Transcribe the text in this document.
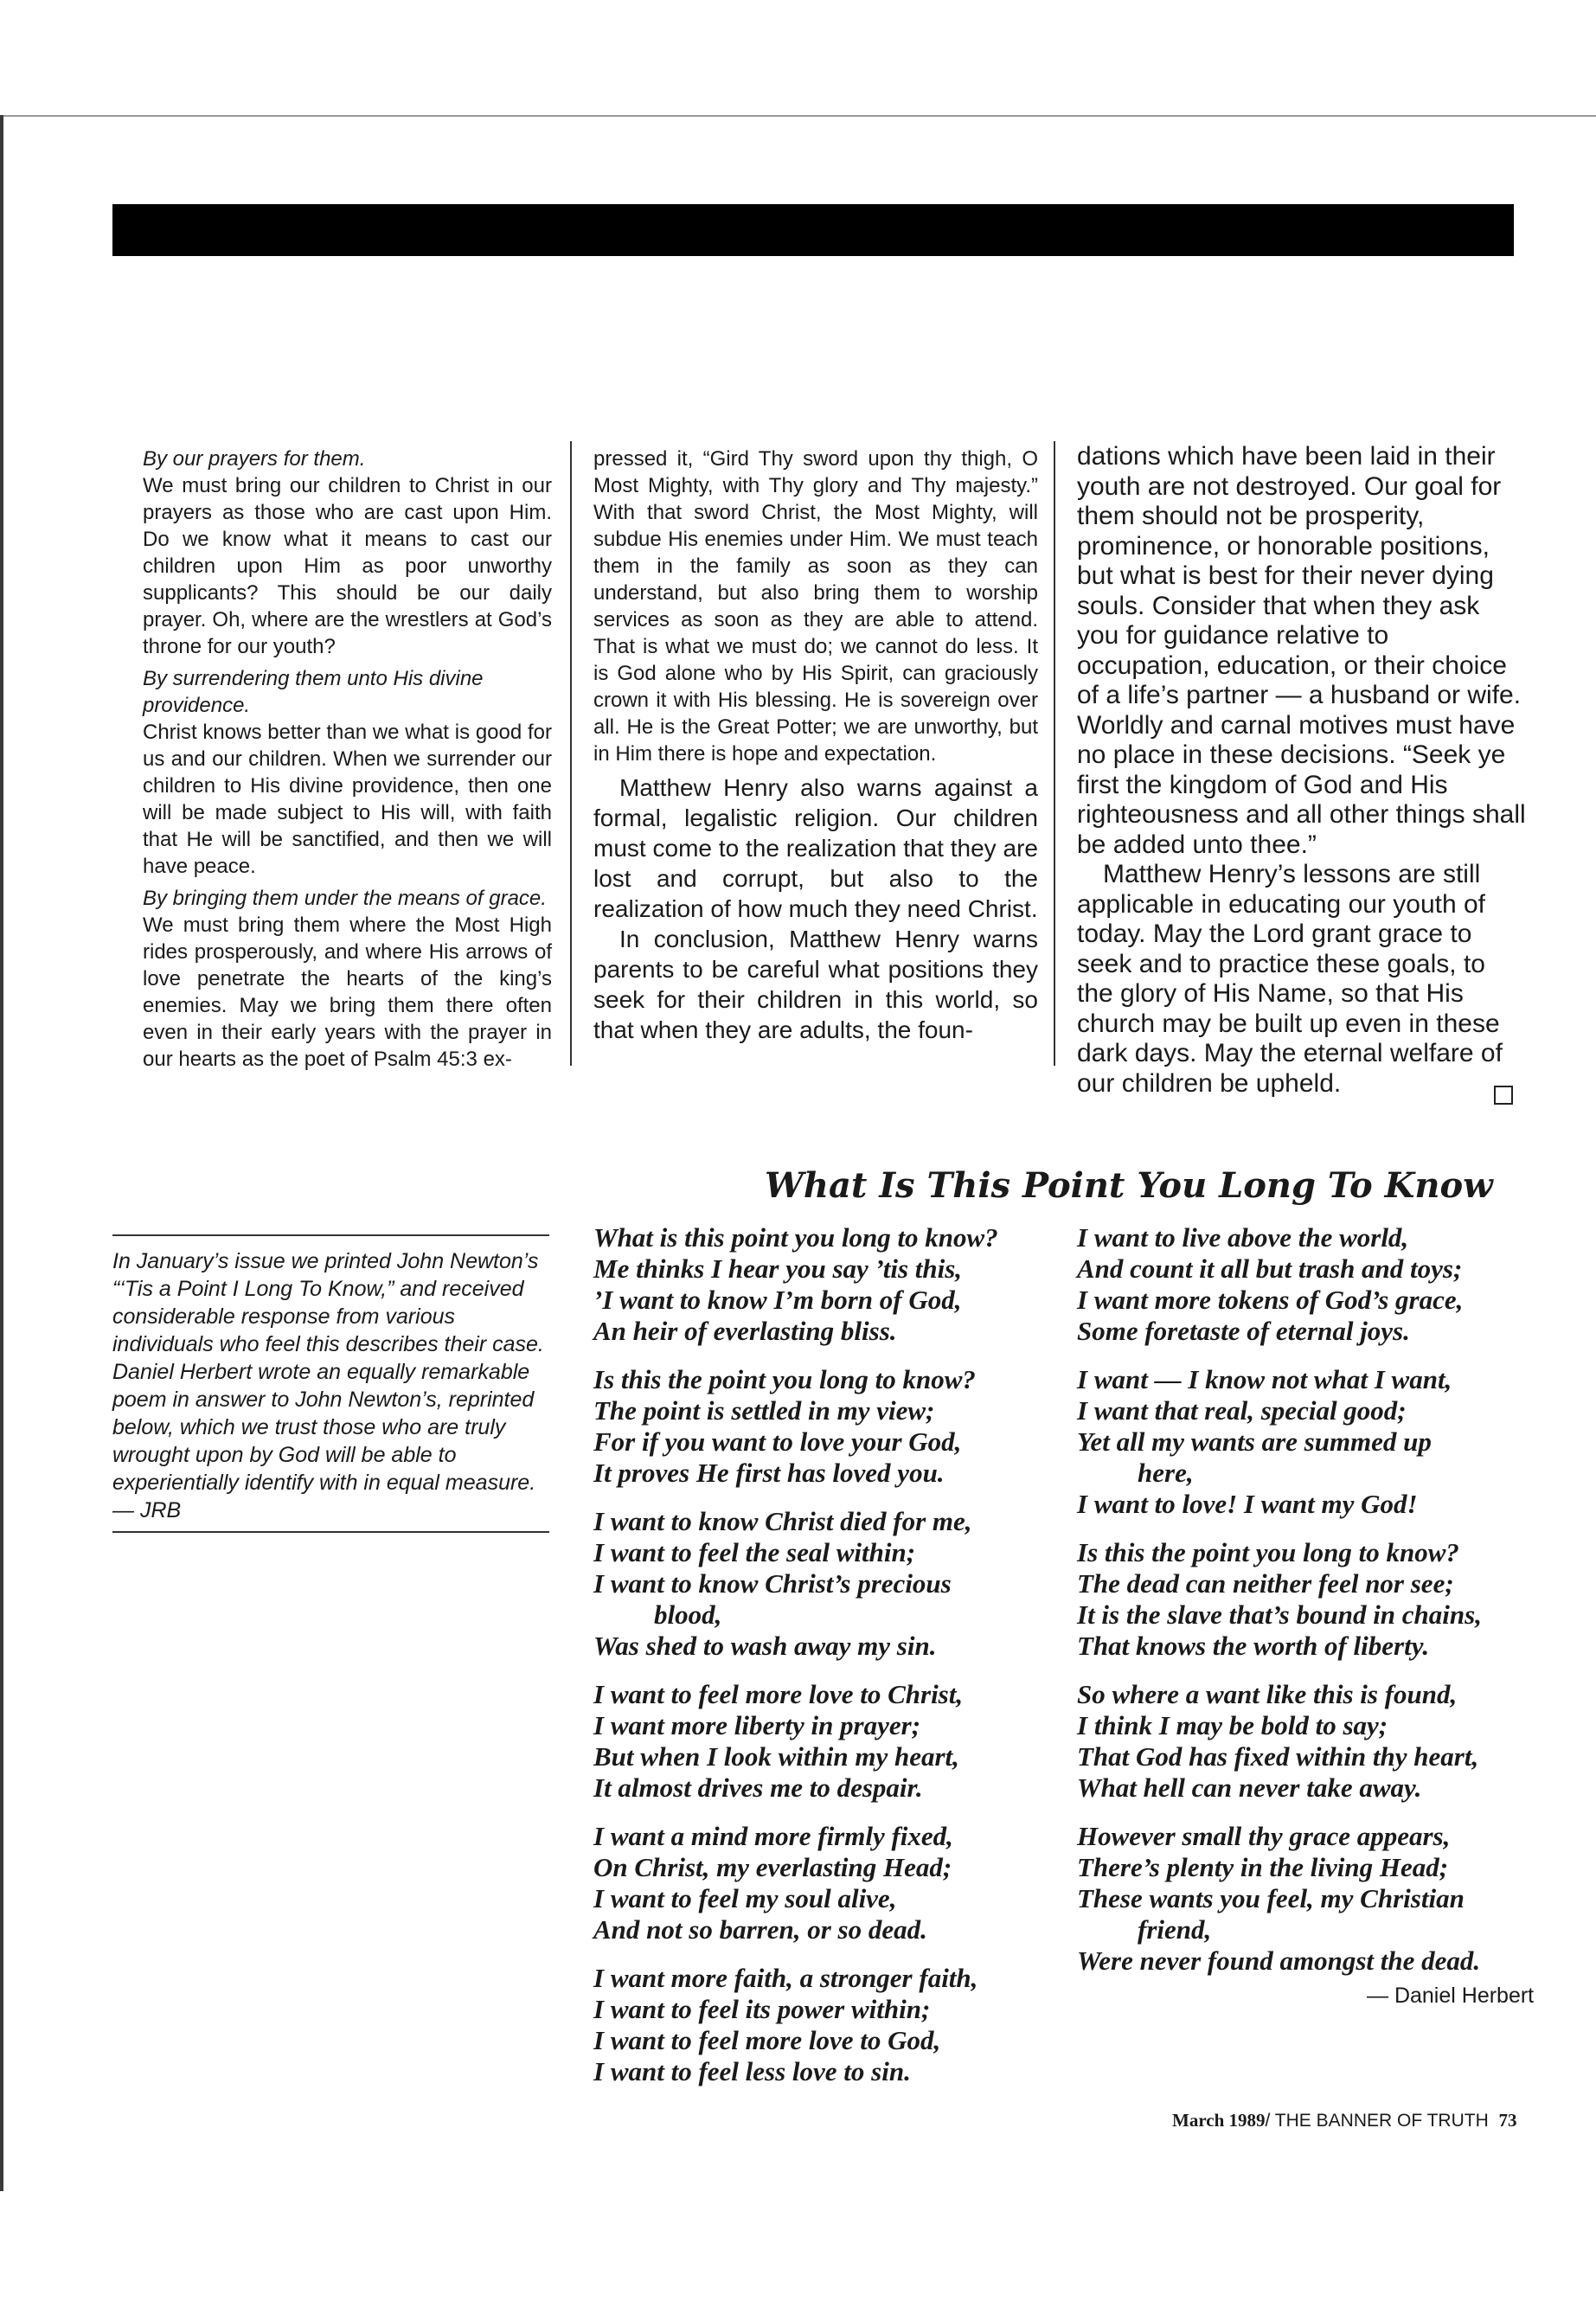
By our prayers for them.

We must bring our children to Christ in our prayers as those who are cast upon Him. Do we know what it means to cast our children upon Him as poor unworthy supplicants? This should be our daily prayer. Oh, where are the wrestlers at God’s throne for our youth?

By surrendering them unto His divine providence.

Christ knows better than we what is good for us and our children. When we surrender our children to His divine providence, then one will be made subject to His will, with faith that He will be sanctified, and then we will have peace.

By bringing them under the means of grace.

We must bring them where the Most High rides prosperously, and where His arrows of love penetrate the hearts of the king’s enemies. May we bring them there often even in their early years with the prayer in our hearts as the poet of Psalm 45:3 ex-

pressed it, “Gird Thy sword upon thy thigh, O Most Mighty, with Thy glory and Thy majesty.” With that sword Christ, the Most Mighty, will subdue His enemies under Him. We must teach them in the family as soon as they can understand, but also bring them to worship services as soon as they are able to attend. That is what we must do; we cannot do less. It is God alone who by His Spirit, can graciously crown it with His blessing. He is sovereign over all. He is the Great Potter; we are unworthy, but in Him there is hope and expectation.

Matthew Henry also warns against a formal, legalistic religion. Our children must come to the realization that they are lost and corrupt, but also to the realization of how much they need Christ.

In conclusion, Matthew Henry warns parents to be careful what positions they seek for their children in this world, so that when they are adults, the foun-

dations which have been laid in their youth are not destroyed. Our goal for them should not be prosperity, prominence, or honorable positions, but what is best for their never dying souls. Consider that when they ask you for guidance relative to occupation, education, or their choice of a life’s partner — a husband or wife. Worldly and carnal motives must have no place in these decisions. “Seek ye first the kingdom of God and His righteousness and all other things shall be added unto thee.”

Matthew Henry’s lessons are still applicable in educating our youth of today. May the Lord grant grace to seek and to practice these goals, to the glory of His Name, so that His church may be built up even in these dark days. May the eternal welfare of our children be upheld.

What Is This Point You Long To Know
In January’s issue we printed John Newton’s “‘Tis a Point I Long To Know,” and received considerable response from various individuals who feel this describes their case. Daniel Herbert wrote an equally remarkable poem in answer to John Newton’s, reprinted below, which we trust those who are truly wrought upon by God will be able to experientially identify with in equal measure. — JRB
What is this point you long to know?
Me thinks I hear you say ’tis this,
’I want to know I’m born of God,
An heir of everlasting bliss.
Is this the point you long to know?
The point is settled in my view;
For if you want to love your God,
It proves He first has loved you.
I want to know Christ died for me,
I want to feel the seal within;
I want to know Christ’s precious
blood,
Was shed to wash away my sin.
I want to feel more love to Christ,
I want more liberty in prayer;
But when I look within my heart,
It almost drives me to despair.
I want a mind more firmly fixed,
On Christ, my everlasting Head;
I want to feel my soul alive,
And not so barren, or so dead.
I want more faith, a stronger faith,
I want to feel its power within;
I want to feel more love to God,
I want to feel less love to sin.
I want to live above the world,
And count it all but trash and toys;
I want more tokens of God’s grace,
Some foretaste of eternal joys.
I want — I know not what I want,
I want that real, special good;
Yet all my wants are summed up
here,
I want to love! I want my God!
Is this the point you long to know?
The dead can neither feel nor see;
It is the slave that’s bound in chains,
That knows the worth of liberty.
So where a want like this is found,
I think I may be bold to say;
That God has fixed within thy heart,
What hell can never take away.
However small thy grace appears,
There’s plenty in the living Head;
These wants you feel, my Christian
friend,
Were never found amongst the dead.
— Daniel Herbert
March 1989/ THE BANNER OF TRUTH 73
